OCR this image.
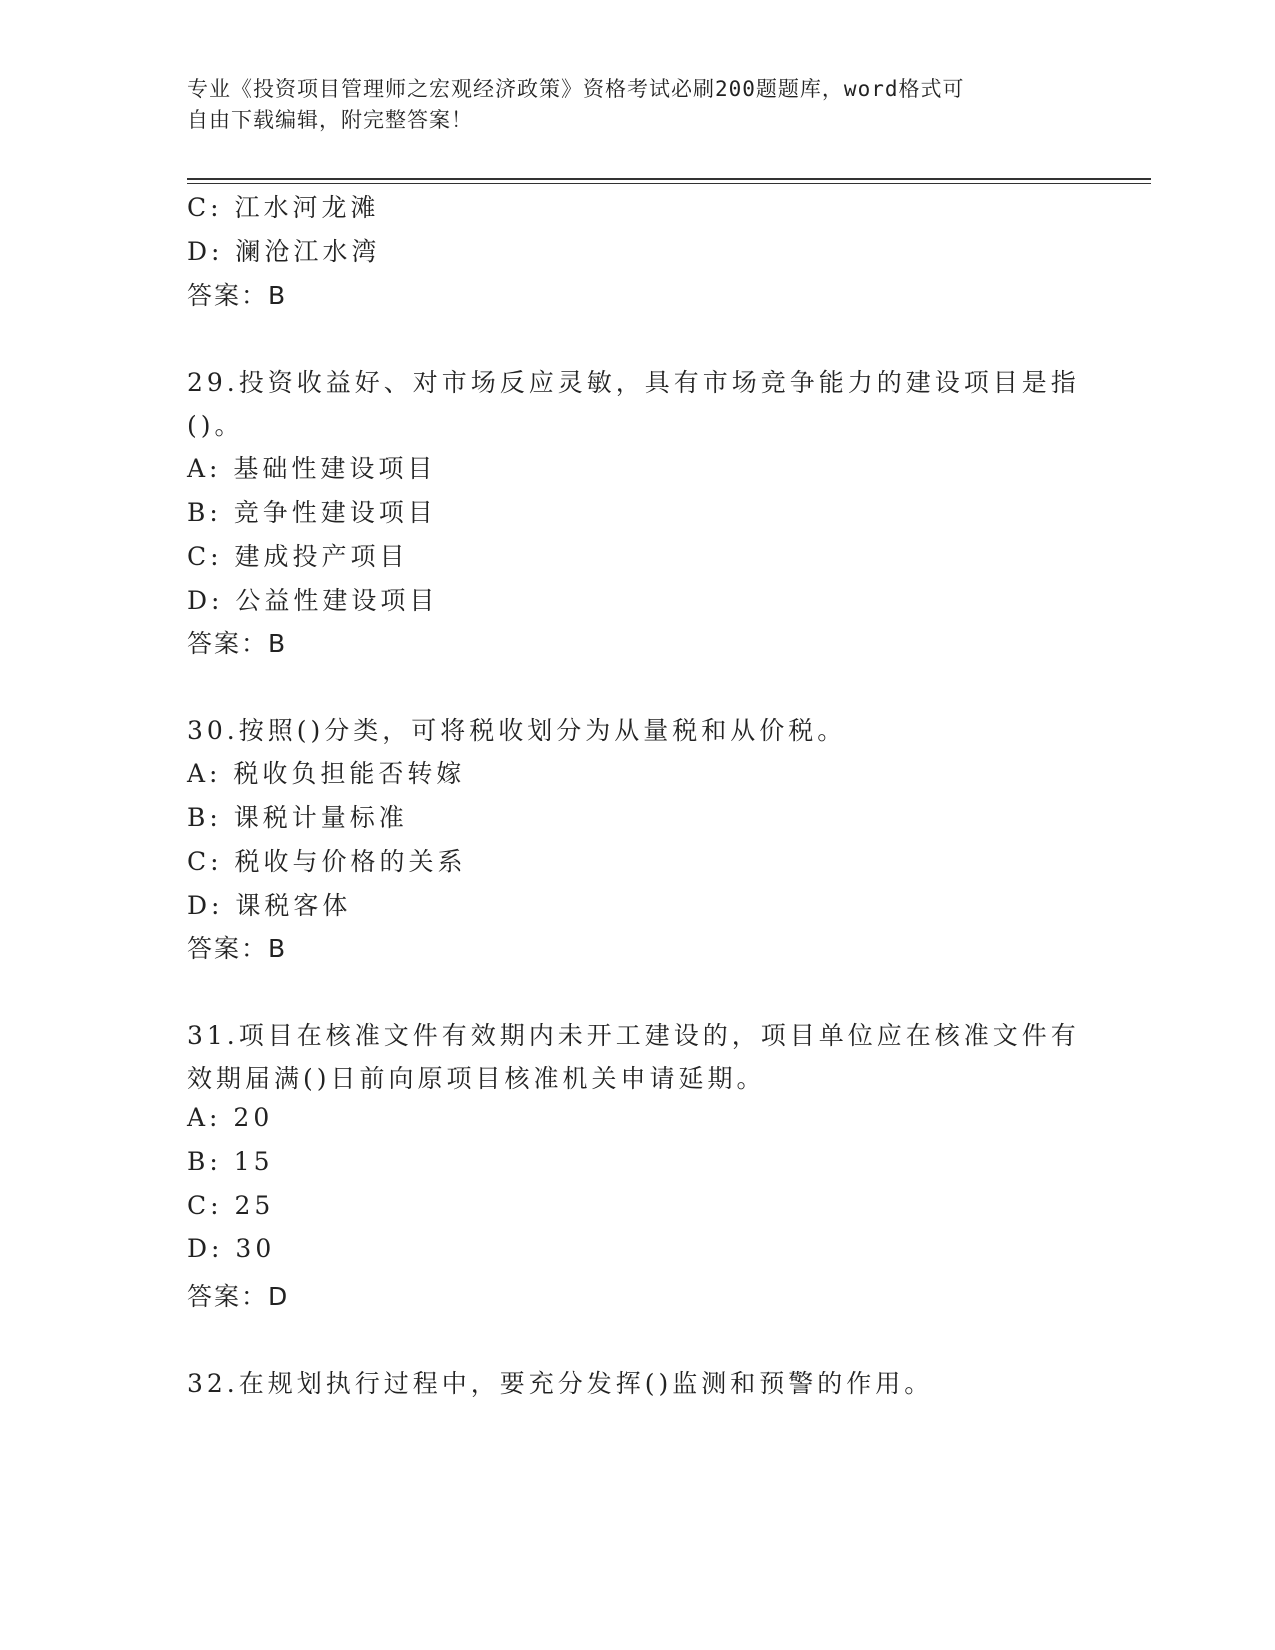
专业《投资项目管理师之宏观经济政策》资格考试必刷200题题库，word格式可
自由下载编辑，附完整答案！
C: 江水河龙滩
D: 澜沧江水湾
答案：B
29.投资收益好、对市场反应灵敏，具有市场竞争能力的建设项目是指
()。
A: 基础性建设项目
B: 竞争性建设项目
C: 建成投产项目
D: 公益性建设项目
答案：B
30.按照()分类，可将税收划分为从量税和从价税。
A: 税收负担能否转嫁
B: 课税计量标准
C: 税收与价格的关系
D: 课税客体
答案：B
31.项目在核准文件有效期内未开工建设的，项目单位应在核准文件有
效期届满()日前向原项目核准机关申请延期。
A: 20
B: 15
C: 25
D: 30
答案：D
32.在规划执行过程中，要充分发挥()监测和预警的作用。
